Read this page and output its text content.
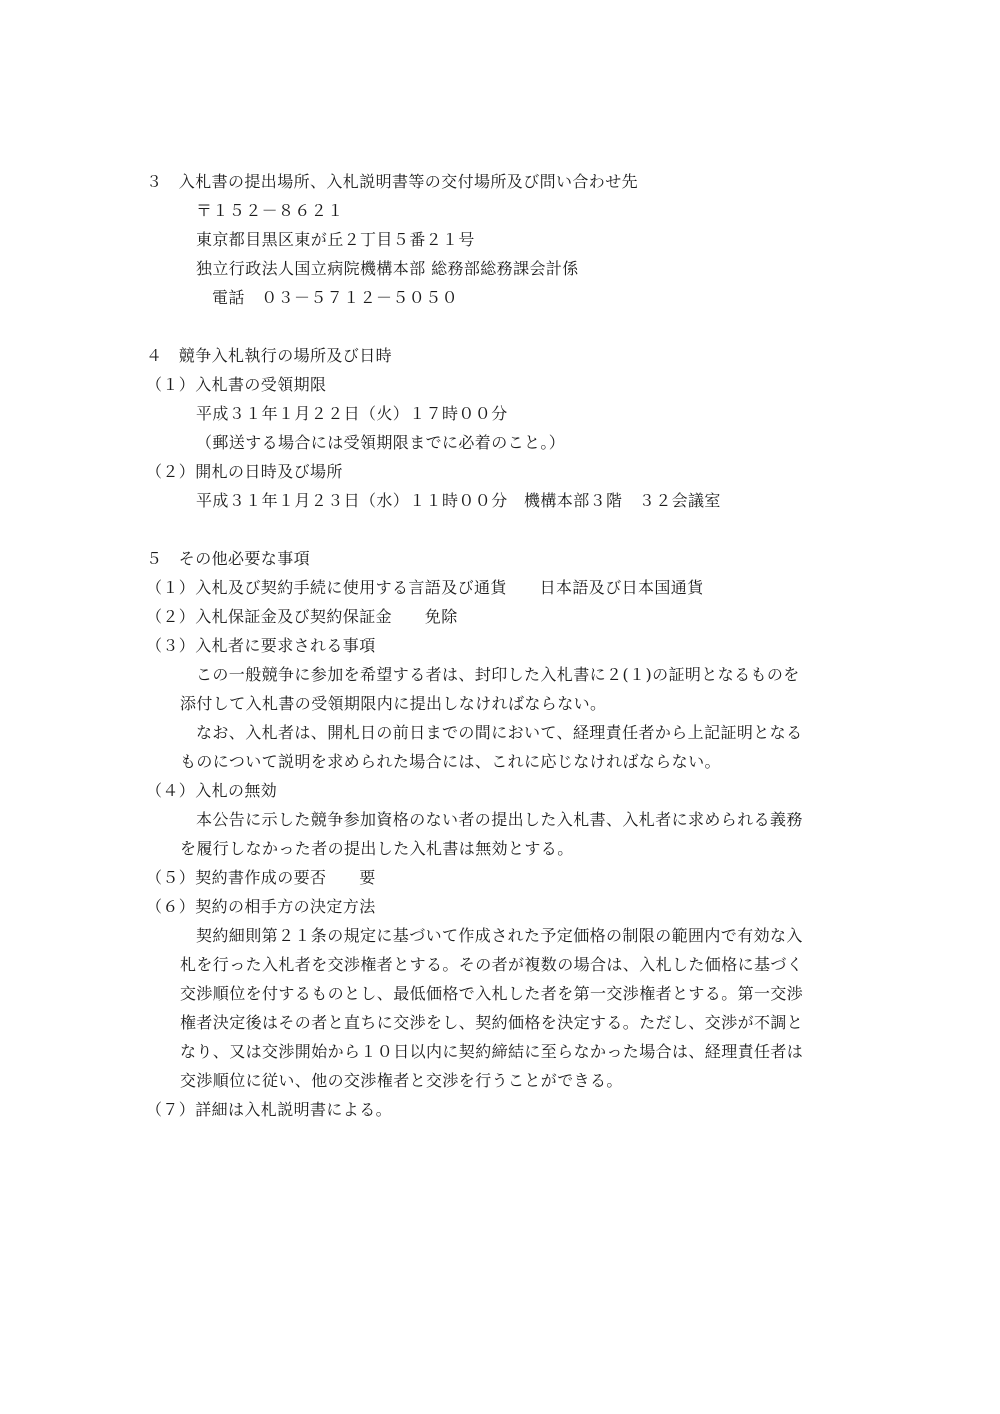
３　入札書の提出場所、入札説明書等の交付場所及び問い合わせ先
〒１５２－８６２１
東京都目黒区東が丘２丁目５番２１号
独立行政法人国立病院機構本部 総務部総務課会計係
電話　０３－５７１２－５０５０
４　競争入札執行の場所及び日時
（１）入札書の受領期限
平成３１年１月２２日（火）１７時００分
（郵送する場合には受領期限までに必着のこと。）
（２）開札の日時及び場所
平成３１年１月２３日（水）１１時００分　機構本部３階　３２会議室
５　その他必要な事項
（１）入札及び契約手続に使用する言語及び通貨　　日本語及び日本国通貨
（２）入札保証金及び契約保証金　　免除
（３）入札者に要求される事項
この一般競争に参加を希望する者は、封印した入札書に２(１)の証明となるものを
添付して入札書の受領期限内に提出しなければならない。
なお、入札者は、開札日の前日までの間において、経理責任者から上記証明となる
ものについて説明を求められた場合には、これに応じなければならない。
（４）入札の無効
本公告に示した競争参加資格のない者の提出した入札書、入札者に求められる義務
を履行しなかった者の提出した入札書は無効とする。
（５）契約書作成の要否　　要
（６）契約の相手方の決定方法
契約細則第２１条の規定に基づいて作成された予定価格の制限の範囲内で有効な入
札を行った入札者を交渉権者とする。その者が複数の場合は、入札した価格に基づく
交渉順位を付するものとし、最低価格で入札した者を第一交渉権者とする。第一交渉
権者決定後はその者と直ちに交渉をし、契約価格を決定する。ただし、交渉が不調と
なり、又は交渉開始から１０日以内に契約締結に至らなかった場合は、経理責任者は
交渉順位に従い、他の交渉権者と交渉を行うことができる。
（７）詳細は入札説明書による。
